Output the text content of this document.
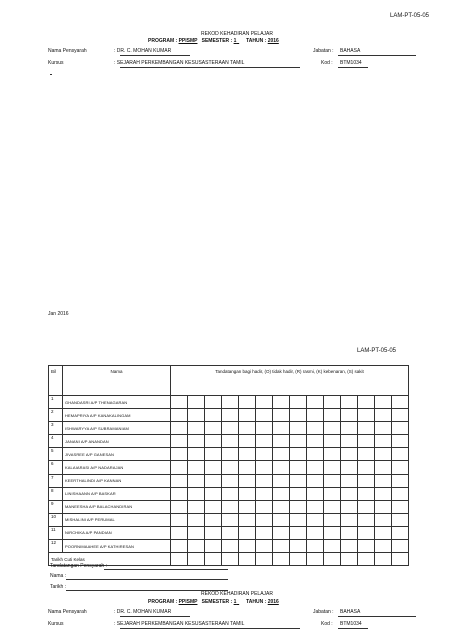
LAM-PT-05-05
REKOD KEHADIRAN PELAJAR
PROGRAM : PPISMP SEMESTER : 1 TAHUN : 2016
Nama Pensyarah	: DR. C. MOHAN KUMAR	Jabatan : BAHASA
Kursus	: SEJARAH PERKEMBANGAN KESUSASTERAAN TAMIL	Kod : BTM1034
Jan 2016
LAM-PT-05-05
Bil	Nama	Tandatangan bagi hadir, (O) tidak hadir, (R) rasmi, (K) kebenaran, (S) sakit													
1	GHANDASRI A/P THENAGARAN														
2	HEMAPRIYA A/P KANAKALINGAM														
3	ISHWARYYA A/P SUBRAMANIAM														
4	JANANI A/P ANANDAN														
5	JIVASREE A/P GANESAN														
6	KALAIARASI A/P NADARAJAN														
7	KEERTHALINDI A/P KANNAN														
8	LINISHAANN A/P BASKAR														
9	MANEESHA A/P BALACHANDIRAN														
10	MISHALINI A/P PERUMAL														
11	NIRCHIKA A/P PANDIAN														
12	POORNIMAAHEE A/P KATHIRESAN														
Tarikh Cuti Kelas															
Tandatangan Pensyarah :
Nama :
Tarikh :
REKOD KEHADIRAN PELAJAR
PROGRAM : PPISMP SEMESTER : 1 TAHUN : 2016
Nama Pensyarah	: DR. C. MOHAN KUMAR	Jabatan : BAHASA
Kursus	: SEJARAH PERKEMBANGAN KESUSASTERAAN TAMIL	Kod : BTM1034
